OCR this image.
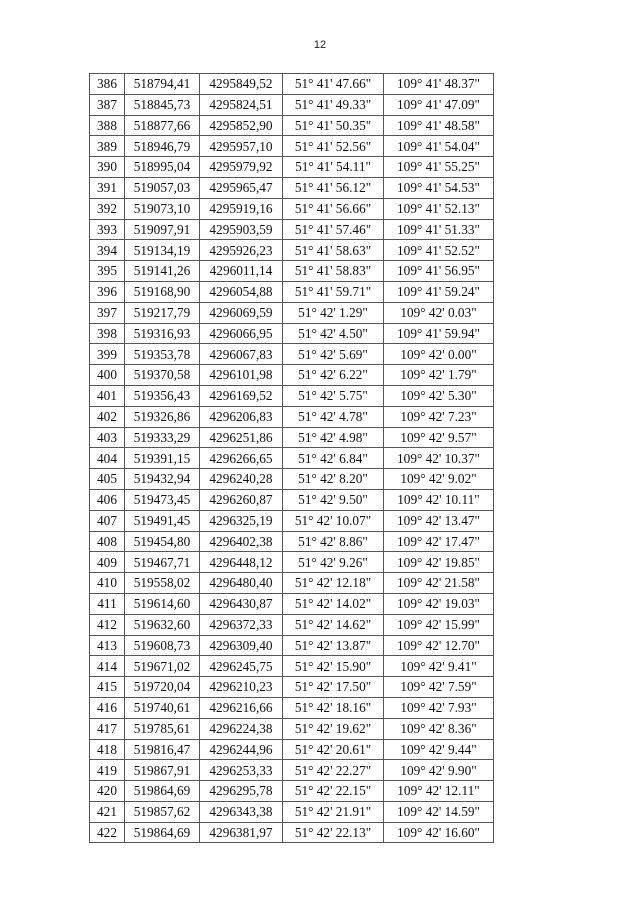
12
386	518794,41	4295849,52	51° 41' 47.66"	109° 41' 48.37"
387	518845,73	4295824,51	51° 41' 49.33"	109° 41' 47.09"
388	518877,66	4295852,90	51° 41' 50.35"	109° 41' 48.58"
389	518946,79	4295957,10	51° 41' 52.56"	109° 41' 54.04"
390	518995,04	4295979,92	51° 41' 54.11"	109° 41' 55.25"
391	519057,03	4295965,47	51° 41' 56.12"	109° 41' 54.53"
392	519073,10	4295919,16	51° 41' 56.66"	109° 41' 52.13"
393	519097,91	4295903,59	51° 41' 57.46"	109° 41' 51.33"
394	519134,19	4295926,23	51° 41' 58.63"	109° 41' 52.52"
395	519141,26	4296011,14	51° 41' 58.83"	109° 41' 56.95"
396	519168,90	4296054,88	51° 41' 59.71"	109° 41' 59.24"
397	519217,79	4296069,59	51° 42' 1.29"	109° 42' 0.03"
398	519316,93	4296066,95	51° 42' 4.50"	109° 41' 59.94"
399	519353,78	4296067,83	51° 42' 5.69"	109° 42' 0.00"
400	519370,58	4296101,98	51° 42' 6.22"	109° 42' 1.79"
401	519356,43	4296169,52	51° 42' 5.75"	109° 42' 5.30"
402	519326,86	4296206,83	51° 42' 4.78"	109° 42' 7.23"
403	519333,29	4296251,86	51° 42' 4.98"	109° 42' 9.57"
404	519391,15	4296266,65	51° 42' 6.84"	109° 42' 10.37"
405	519432,94	4296240,28	51° 42' 8.20"	109° 42' 9.02"
406	519473,45	4296260,87	51° 42' 9.50"	109° 42' 10.11"
407	519491,45	4296325,19	51° 42' 10.07"	109° 42' 13.47"
408	519454,80	4296402,38	51° 42' 8.86"	109° 42' 17.47"
409	519467,71	4296448,12	51° 42' 9.26"	109° 42' 19.85"
410	519558,02	4296480,40	51° 42' 12.18"	109° 42' 21.58"
411	519614,60	4296430,87	51° 42' 14.02"	109° 42' 19.03"
412	519632,60	4296372,33	51° 42' 14.62"	109° 42' 15.99"
413	519608,73	4296309,40	51° 42' 13.87"	109° 42' 12.70"
414	519671,02	4296245,75	51° 42' 15.90"	109° 42' 9.41"
415	519720,04	4296210,23	51° 42' 17.50"	109° 42' 7.59"
416	519740,61	4296216,66	51° 42' 18.16"	109° 42' 7.93"
417	519785,61	4296224,38	51° 42' 19.62"	109° 42' 8.36"
418	519816,47	4296244,96	51° 42' 20.61"	109° 42' 9.44"
419	519867,91	4296253,33	51° 42' 22.27"	109° 42' 9.90"
420	519864,69	4296295,78	51° 42' 22.15"	109° 42' 12.11"
421	519857,62	4296343,38	51° 42' 21.91"	109° 42' 14.59"
422	519864,69	4296381,97	51° 42' 22.13"	109° 42' 16.60"
